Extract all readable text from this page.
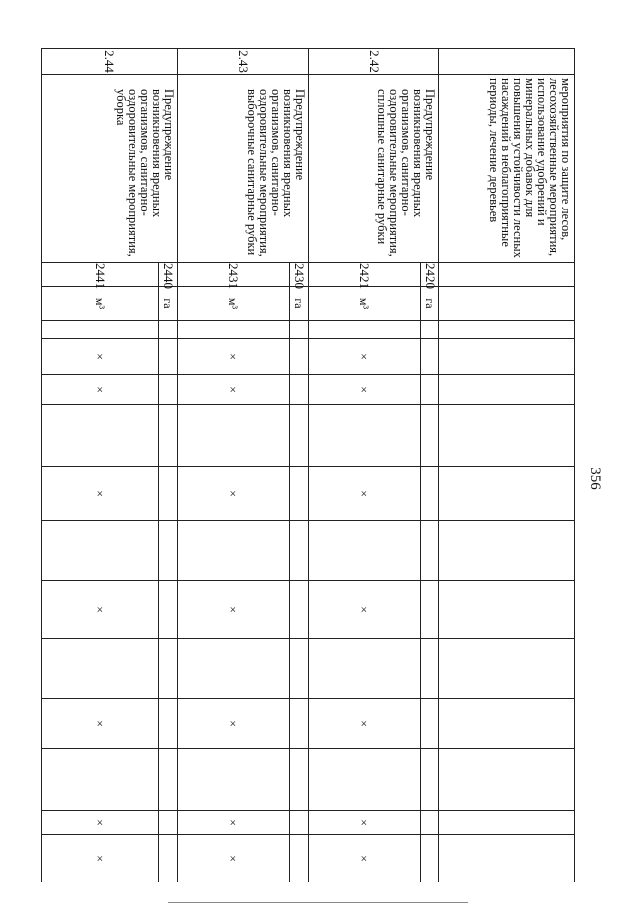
356
	мероприятия по защите лесов, лесохозяйственные мероприятия, использование удобрений и минеральных добавок для повышения устойчивости лесных насаждений в неблагоприятные периоды, лечение деревьев														
2.42	Предупреждение возникновения вредных организмов, санитарно-оздоровительные мероприятия, сплошные санитарные рубки	2420	га												
		2421	м³		×	×		×		×		×		×	×
2.43	Предупреждение возникновения вредных организмов, санитарно-оздоровительные мероприятия, выборочные санитарные рубки	2430	га												
		2431	м³		×	×		×		×		×		×	×
2.44	Предупреждение возникновения вредных организмов, санитарно-оздоровительные мероприятия, уборка	2440	га												
		2441	м³		×	×		×		×		×		×	×
